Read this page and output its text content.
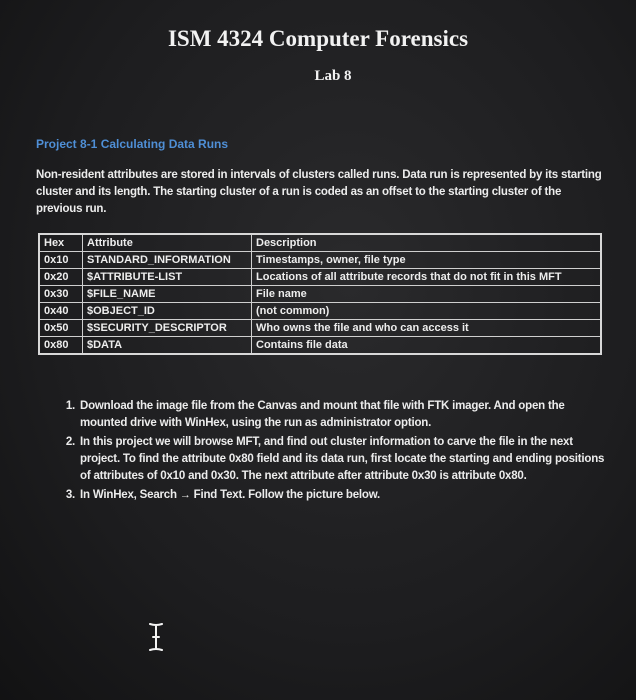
ISM 4324 Computer Forensics
Lab 8
Project 8-1 Calculating Data Runs
Non-resident attributes are stored in intervals of clusters called runs. Data run is represented by its starting cluster and its length. The starting cluster of a run is coded as an offset to the starting cluster of the previous run.
Hex	Attribute	Description
0x10	STANDARD_INFORMATION	Timestamps, owner, file type
0x20	$ATTRIBUTE-LIST	Locations of all attribute records that do not fit in this MFT
0x30	$FILE_NAME	File name
0x40	$OBJECT_ID	(not common)
0x50	$SECURITY_DESCRIPTOR	Who owns the file and who can access it
0x80	$DATA	Contains file data
1. Download the image file from the Canvas and mount that file with FTK imager. And open the mounted drive with WinHex, using the run as administrator option.
2. In this project we will browse MFT, and find out cluster information to carve the file in the next project. To find the attribute 0x80 field and its data run, first locate the starting and ending positions of attributes of 0x10 and 0x30. The next attribute after attribute 0x30 is attribute 0x80.
3. In WinHex, Search → Find Text. Follow the picture below.
